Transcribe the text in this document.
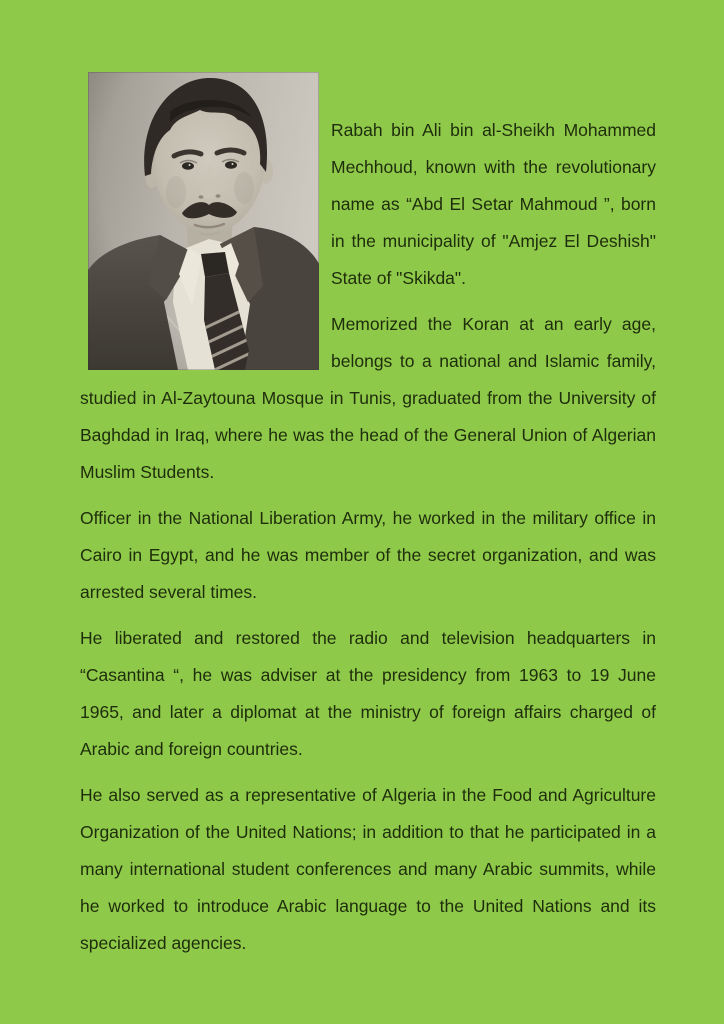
Rabah bin Ali bin al-Sheikh Mohammed Mechhoud, known with the revolutionary name as “Abd El Setar Mahmoud ”, born in the municipality of "Amjez El Deshish" State of "Skikda".

Memorized the Koran at an early age, belongs to a national and Islamic family, studied in Al-Zaytouna Mosque in Tunis, graduated from the University of Baghdad in Iraq, where he was the head of the General Union of Algerian Muslim Students.

Officer in the National Liberation Army, he worked in the military office in Cairo in Egypt, and he was member of the secret organization, and was arrested several times.

He liberated and restored the radio and television headquarters in “Casantina “, he was adviser at the presidency from 1963 to 19 June 1965, and later a diplomat at the ministry of foreign affairs charged of Arabic and foreign countries.

He also served as a representative of Algeria in the Food and Agriculture Organization of the United Nations; in addition to that he participated in a many international student conferences and many Arabic summits, while he worked to introduce Arabic language to the United Nations and its specialized agencies.
